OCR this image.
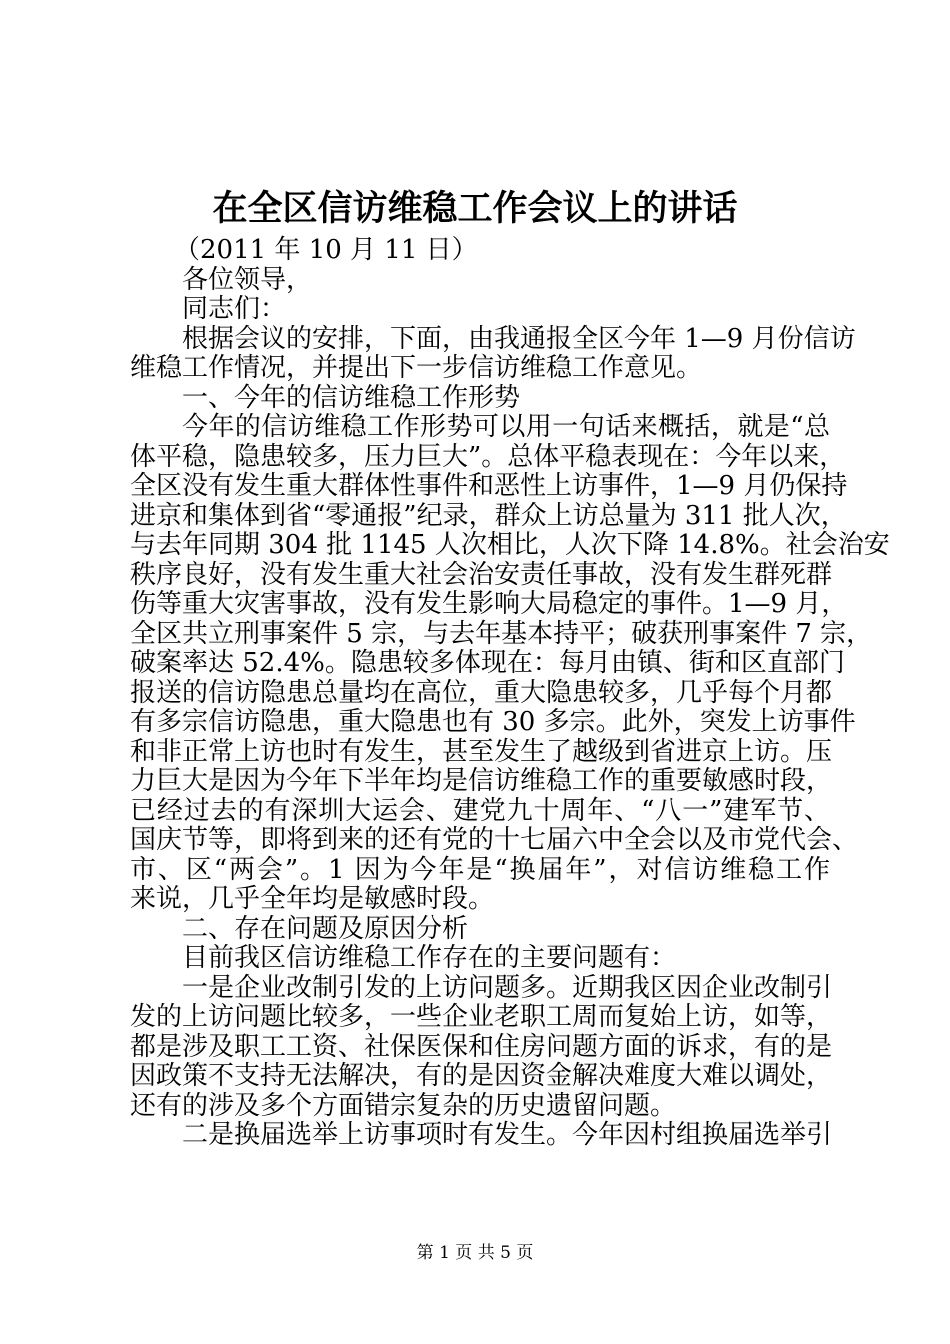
在全区信访维稳工作会议上的讲话
（2011 年 10 月 11 日）
各位领导，
同志们：
根据会议的安排，下面，由我通报全区今年 1—9 月份信访
维稳工作情况，并提出下一步信访维稳工作意见。
一、今年的信访维稳工作形势
今年的信访维稳工作形势可以用一句话来概括，就是“总
体平稳，隐患较多，压力巨大”。总体平稳表现在：今年以来，
全区没有发生重大群体性事件和恶性上访事件，1—9 月仍保持
进京和集体到省“零通报”纪录，群众上访总量为 311 批人次，
与去年同期 304 批 1145 人次相比，人次下降 14.8%。社会治安
秩序良好，没有发生重大社会治安责任事故，没有发生群死群
伤等重大灾害事故，没有发生影响大局稳定的事件。1—9 月，
全区共立刑事案件 5 宗，与去年基本持平；破获刑事案件 7 宗，
破案率达 52.4%。隐患较多体现在：每月由镇、街和区直部门
报送的信访隐患总量均在高位，重大隐患较多，几乎每个月都
有多宗信访隐患，重大隐患也有 30 多宗。此外，突发上访事件
和非正常上访也时有发生，甚至发生了越级到省进京上访。压
力巨大是因为今年下半年均是信访维稳工作的重要敏感时段，
已经过去的有深圳大运会、建党九十周年、“八一”建军节、
国庆节等，即将到来的还有党的十七届六中全会以及市党代会、
市、区“两会”。1 因为今年是“换届年”，对信访维稳工作
来说，几乎全年均是敏感时段。
二、存在问题及原因分析
目前我区信访维稳工作存在的主要问题有：
一是企业改制引发的上访问题多。近期我区因企业改制引
发的上访问题比较多，一些企业老职工周而复始上访，如等，
都是涉及职工工资、社保医保和住房问题方面的诉求，有的是
因政策不支持无法解决，有的是因资金解决难度大难以调处，
还有的涉及多个方面错宗复杂的历史遗留问题。
二是换届选举上访事项时有发生。今年因村组换届选举引
第 1 页 共 5 页
